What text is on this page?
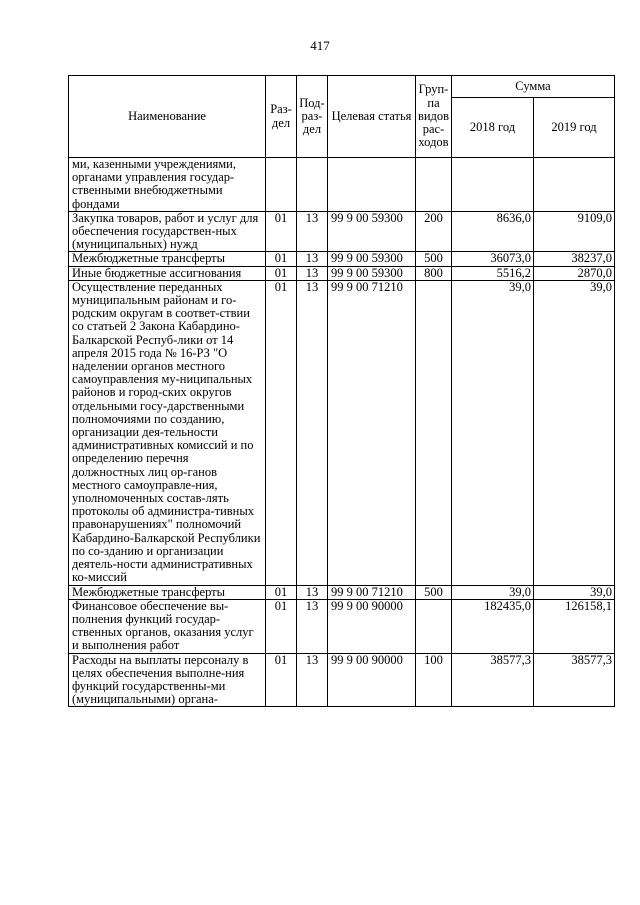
417
Наименование	Раз-дел	Под-раз-дел	Целевая статья	Груп-па видов рас-ходов	Сумма	
					2018 год	2019 год
ми, казенными учреждениями, органами управления государ-ственными внебюджетными фондами						
Закупка товаров, работ и услуг для обеспечения государствен-ных (муниципальных) нужд	01	13	99 9 00 59300	200	8636,0	9109,0
Межбюджетные трансферты	01	13	99 9 00 59300	500	36073,0	38237,0
Иные бюджетные ассигнования	01	13	99 9 00 59300	800	5516,2	2870,0
Осуществление переданных муниципальным районам и го-родским округам в соответ-ствии со статьей 2 Закона Кабардино-Балкарской Респуб-лики от 14 апреля 2015 года № 16-РЗ "О наделении органов местного самоуправления му-ниципальных районов и город-ских округов отдельными госу-дарственными полномочиями по созданию, организации дея-тельности административных комиссий и по определению перечня должностных лиц ор-ганов местного самоуправле-ния, уполномоченных состав-лять протоколы об администра-тивных правонарушениях" полномочий Кабардино-Балкарской Республики по со-зданию и организации деятель-ности административных ко-миссий	01	13	99 9 00 71210		39,0	39,0
Межбюджетные трансферты	01	13	99 9 00 71210	500	39,0	39,0
Финансовое обеспечение вы-полнения функций государ-ственных органов, оказания услуг и выполнения работ	01	13	99 9 00 90000		182435,0	126158,1
Расходы на выплаты персоналу в целях обеспечения выполне-ния функций государственны-ми (муниципальными) органа-	01	13	99 9 00 90000	100	38577,3	38577,3
